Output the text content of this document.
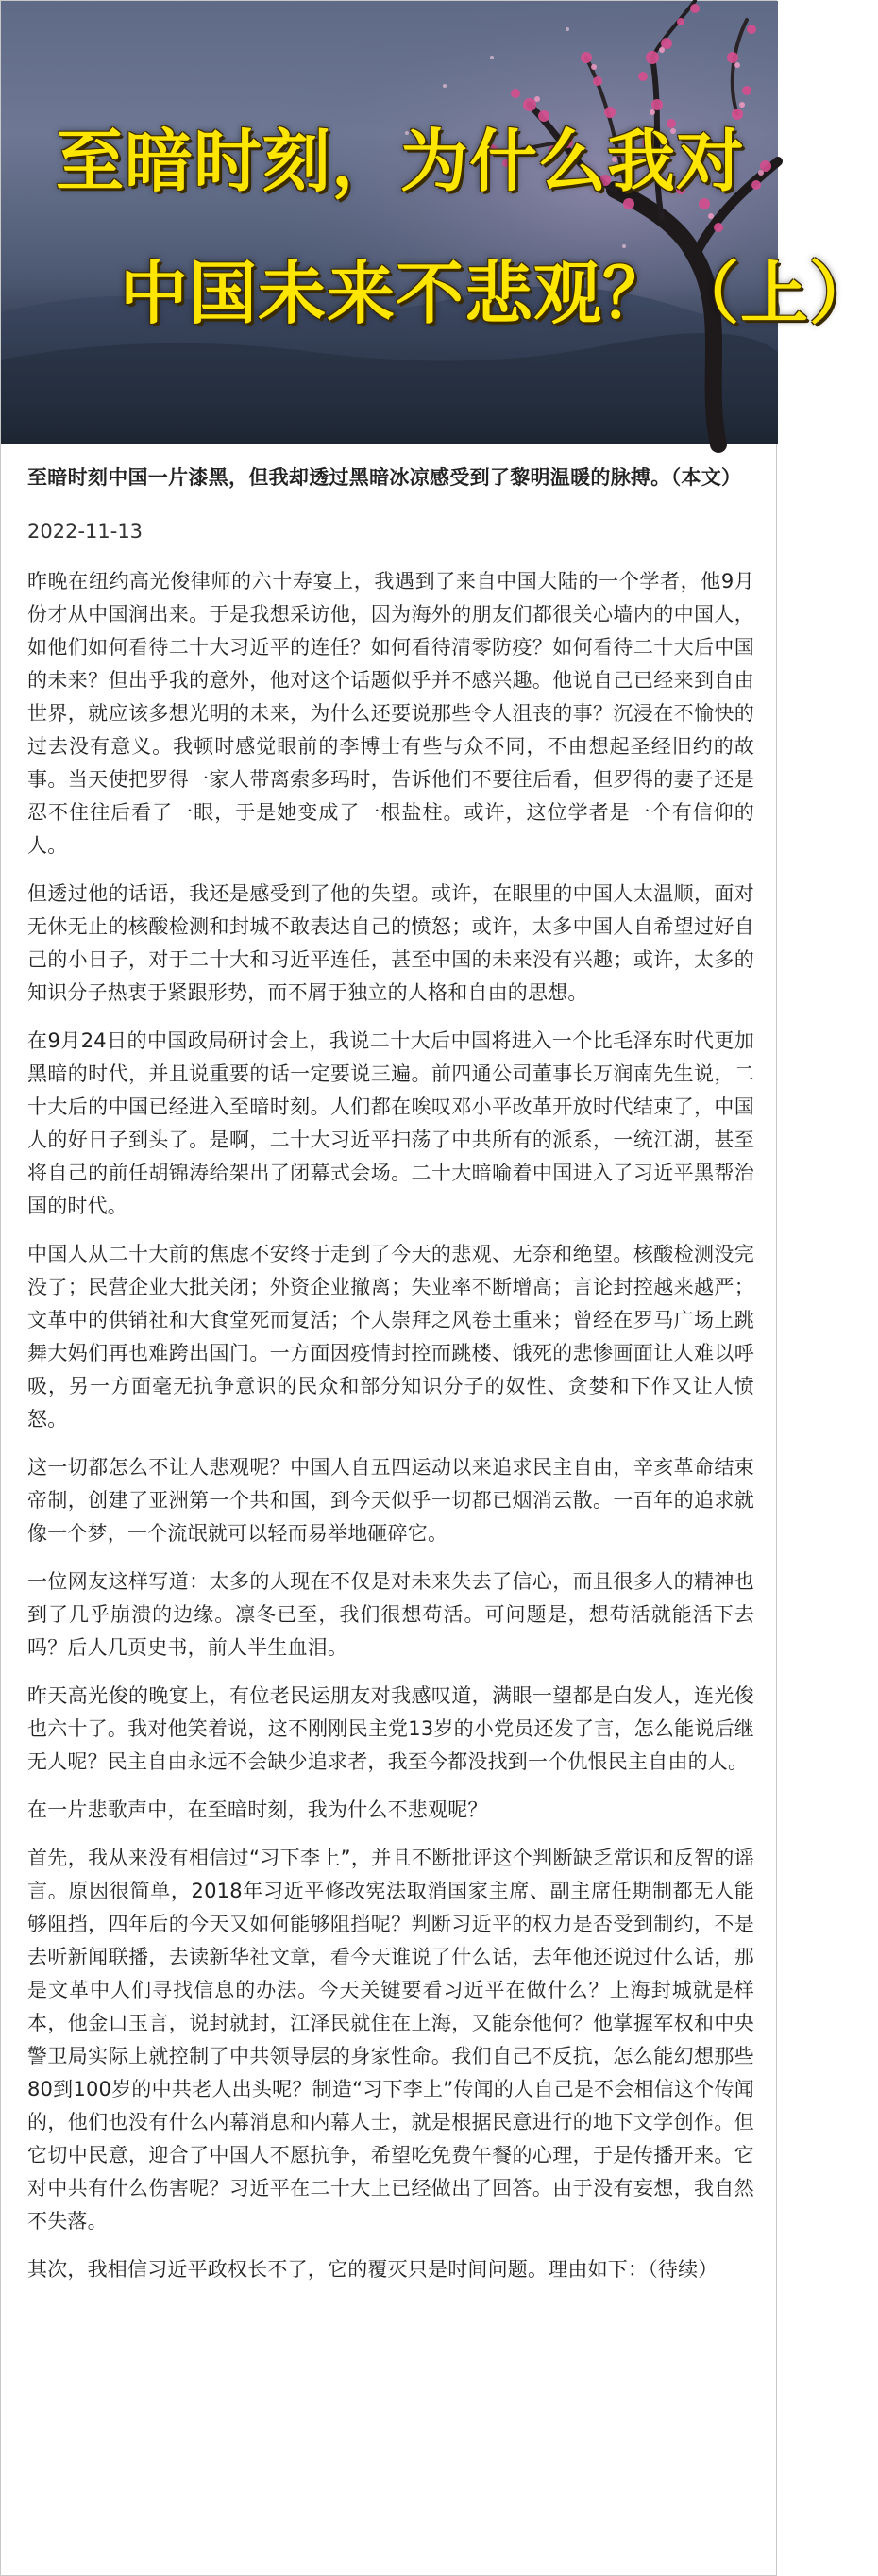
至暗时刻，为什么我对
中国未来不悲观？（上）

至暗时刻中国一片漆黑，但我却透过黑暗冰凉感受到了黎明温暖的脉搏。（本文）

2022-11-13

昨晚在纽约高光俊律师的六十寿宴上，我遇到了来自中国大陆的一个学者，他9月份才从中国润出来。于是我想采访他，因为海外的朋友们都很关心墙内的中国人，如他们如何看待二十大习近平的连任？如何看待清零防疫？如何看待二十大后中国的未来？但出乎我的意外，他对这个话题似乎并不感兴趣。他说自己已经来到自由世界，就应该多想光明的未来，为什么还要说那些令人沮丧的事？沉浸在不愉快的过去没有意义。我顿时感觉眼前的李博士有些与众不同，不由想起圣经旧约的故事。当天使把罗得一家人带离索多玛时，告诉他们不要往后看，但罗得的妻子还是忍不住往后看了一眼，于是她变成了一根盐柱。或许，这位学者是一个有信仰的人。

但透过他的话语，我还是感受到了他的失望。或许，在眼里的中国人太温顺，面对无休无止的核酸检测和封城不敢表达自己的愤怒；或许，太多中国人自希望过好自己的小日子，对于二十大和习近平连任，甚至中国的未来没有兴趣；或许，太多的知识分子热衷于紧跟形势，而不屑于独立的人格和自由的思想。

在9月24日的中国政局研讨会上，我说二十大后中国将进入一个比毛泽东时代更加黑暗的时代，并且说重要的话一定要说三遍。前四通公司董事长万润南先生说，二十大后的中国已经进入至暗时刻。人们都在唉叹邓小平改革开放时代结束了，中国人的好日子到头了。是啊，二十大习近平扫荡了中共所有的派系，一统江湖，甚至将自己的前任胡锦涛给架出了闭幕式会场。二十大暗喻着中国进入了习近平黑帮治国的时代。

中国人从二十大前的焦虑不安终于走到了今天的悲观、无奈和绝望。核酸检测没完没了；民营企业大批关闭；外资企业撤离；失业率不断增高；言论封控越来越严；文革中的供销社和大食堂死而复活；个人崇拜之风卷土重来；曾经在罗马广场上跳舞大妈们再也难跨出国门。一方面因疫情封控而跳楼、饿死的悲惨画面让人难以呼吸，另一方面毫无抗争意识的民众和部分知识分子的奴性、贪婪和下作又让人愤怒。

这一切都怎么不让人悲观呢？中国人自五四运动以来追求民主自由，辛亥革命结束帝制，创建了亚洲第一个共和国，到今天似乎一切都已烟消云散。一百年的追求就像一个梦，一个流氓就可以轻而易举地砸碎它。

一位网友这样写道：太多的人现在不仅是对未来失去了信心，而且很多人的精神也到了几乎崩溃的边缘。凛冬已至，我们很想苟活。可问题是，想苟活就能活下去吗？后人几页史书，前人半生血泪。

昨天高光俊的晚宴上，有位老民运朋友对我感叹道，满眼一望都是白发人，连光俊也六十了。我对他笑着说，这不刚刚民主党13岁的小党员还发了言，怎么能说后继无人呢？民主自由永远不会缺少追求者，我至今都没找到一个仇恨民主自由的人。

在一片悲歌声中，在至暗时刻，我为什么不悲观呢？

首先，我从来没有相信过“习下李上”，并且不断批评这个判断缺乏常识和反智的谣言。原因很简单，2018年习近平修改宪法取消国家主席、副主席任期制都无人能够阻挡，四年后的今天又如何能够阻挡呢？判断习近平的权力是否受到制约，不是去听新闻联播，去读新华社文章，看今天谁说了什么话，去年他还说过什么话，那是文革中人们寻找信息的办法。今天关键要看习近平在做什么？上海封城就是样本，他金口玉言，说封就封，江泽民就住在上海，又能奈他何？他掌握军权和中央警卫局实际上就控制了中共领导层的身家性命。我们自己不反抗，怎么能幻想那些80到100岁的中共老人出头呢？制造“习下李上”传闻的人自己是不会相信这个传闻的，他们也没有什么内幕消息和内幕人士，就是根据民意进行的地下文学创作。但它切中民意，迎合了中国人不愿抗争，希望吃免费午餐的心理，于是传播开来。它对中共有什么伤害呢？习近平在二十大上已经做出了回答。由于没有妄想，我自然不失落。

其次，我相信习近平政权长不了，它的覆灭只是时间问题。理由如下：（待续）
